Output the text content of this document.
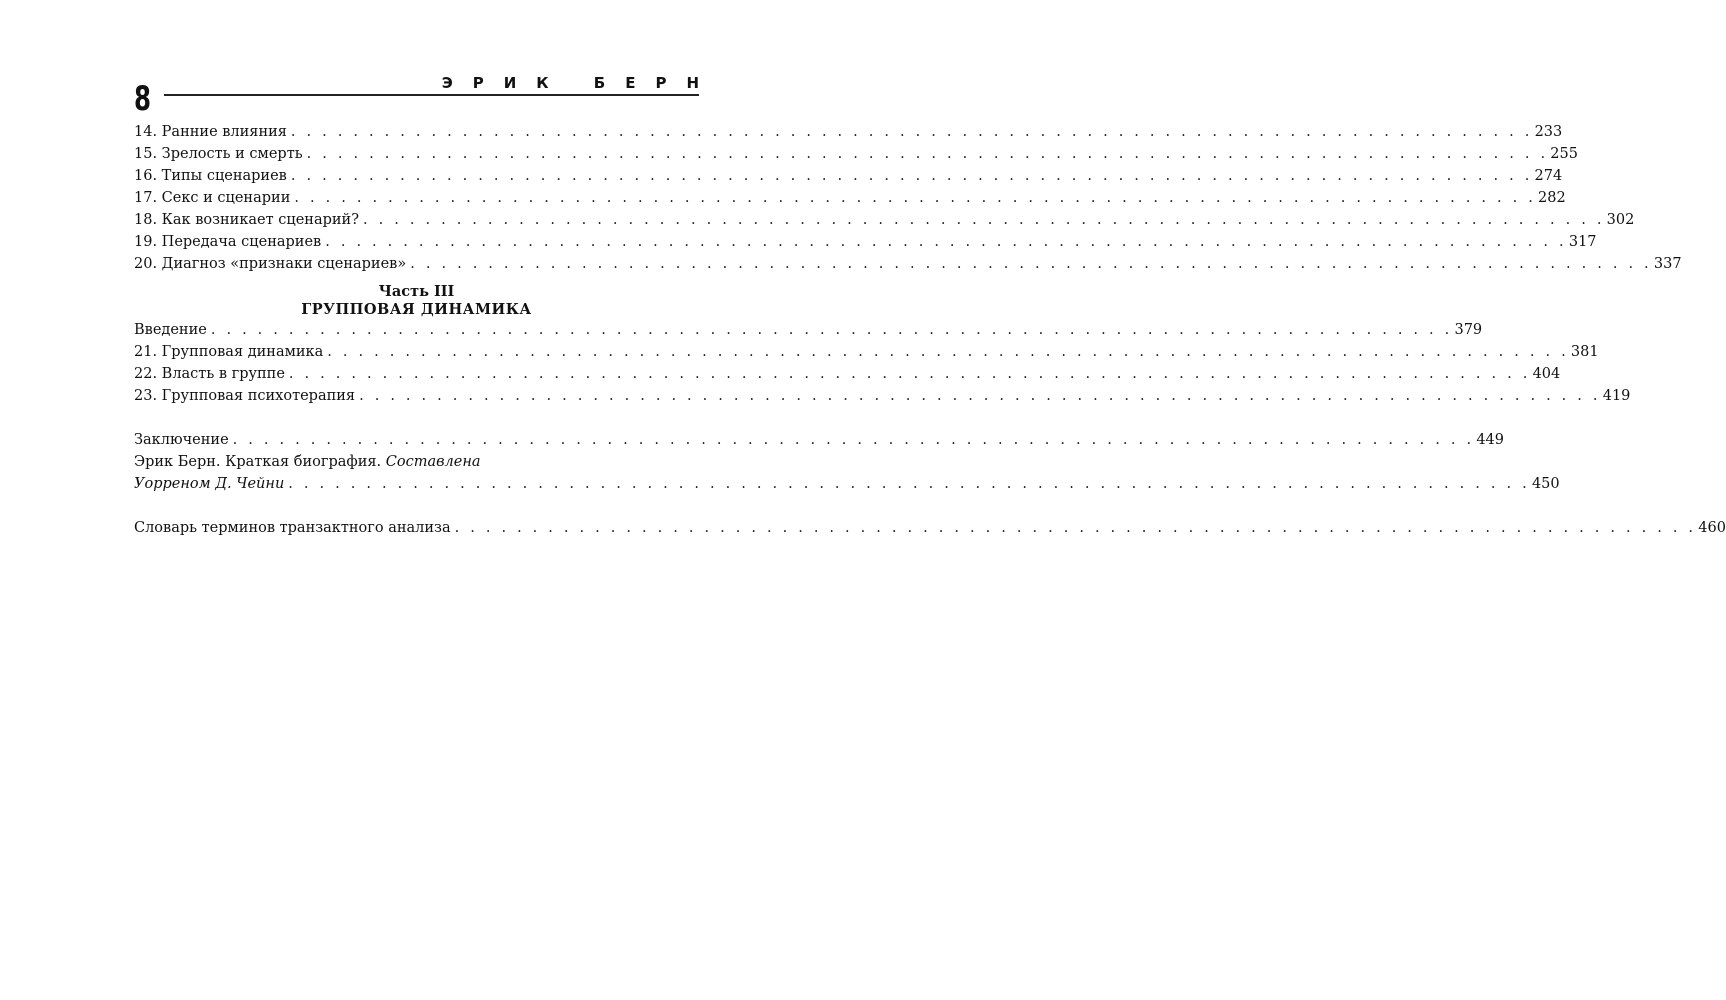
8	ЭРИК БЕРН
14. Ранние влияния . . . . . . . . . . . . . . . . . . . . . . . . . . . . . . . . . . . . . . . . . . . . . . . . . . . . . . . . . . . . . . . . . . . . . . . . . . . . . . . . 233
15. Зрелость и смерть . . . . . . . . . . . . . . . . . . . . . . . . . . . . . . . . . . . . . . . . . . . . . . . . . . . . . . . . . . . . . . . . . . . . . . . . . . . . . . . . 255
16. Типы сценариев . . . . . . . . . . . . . . . . . . . . . . . . . . . . . . . . . . . . . . . . . . . . . . . . . . . . . . . . . . . . . . . . . . . . . . . . . . . . . . . . 274
17. Секс и сценарии . . . . . . . . . . . . . . . . . . . . . . . . . . . . . . . . . . . . . . . . . . . . . . . . . . . . . . . . . . . . . . . . . . . . . . . . . . . . . . . . 282
18. Как возникает сценарий? . . . . . . . . . . . . . . . . . . . . . . . . . . . . . . . . . . . . . . . . . . . . . . . . . . . . . . . . . . . . . . . . . . . . . . . . . . . . . . . . 302
19. Передача сценариев . . . . . . . . . . . . . . . . . . . . . . . . . . . . . . . . . . . . . . . . . . . . . . . . . . . . . . . . . . . . . . . . . . . . . . . . . . . . . . . . 317
20. Диагноз «признаки сценариев» . . . . . . . . . . . . . . . . . . . . . . . . . . . . . . . . . . . . . . . . . . . . . . . . . . . . . . . . . . . . . . . . . . . . . . . . . . . . . . . . 337
Часть III
ГРУППОВАЯ ДИНАМИКА
Введение . . . . . . . . . . . . . . . . . . . . . . . . . . . . . . . . . . . . . . . . . . . . . . . . . . . . . . . . . . . . . . . . . . . . . . . . . . . . . . . . 379
21. Групповая динамика . . . . . . . . . . . . . . . . . . . . . . . . . . . . . . . . . . . . . . . . . . . . . . . . . . . . . . . . . . . . . . . . . . . . . . . . . . . . . . . . 381
22. Власть в группе . . . . . . . . . . . . . . . . . . . . . . . . . . . . . . . . . . . . . . . . . . . . . . . . . . . . . . . . . . . . . . . . . . . . . . . . . . . . . . . . 404
23. Групповая психотерапия . . . . . . . . . . . . . . . . . . . . . . . . . . . . . . . . . . . . . . . . . . . . . . . . . . . . . . . . . . . . . . . . . . . . . . . . . . . . . . . . 419
Заключение . . . . . . . . . . . . . . . . . . . . . . . . . . . . . . . . . . . . . . . . . . . . . . . . . . . . . . . . . . . . . . . . . . . . . . . . . . . . . . . . 449
Эрик Берн. Краткая биография. Составлена
Уорреном Д. Чейни . . . . . . . . . . . . . . . . . . . . . . . . . . . . . . . . . . . . . . . . . . . . . . . . . . . . . . . . . . . . . . . . . . . . . . . . . . . . . . . . 450
Словарь терминов транзактного анализа . . . . . . . . . . . . . . . . . . . . . . . . . . . . . . . . . . . . . . . . . . . . . . . . . . . . . . . . . . . . . . . . . . . . . . . . . . . . . . . . 460
